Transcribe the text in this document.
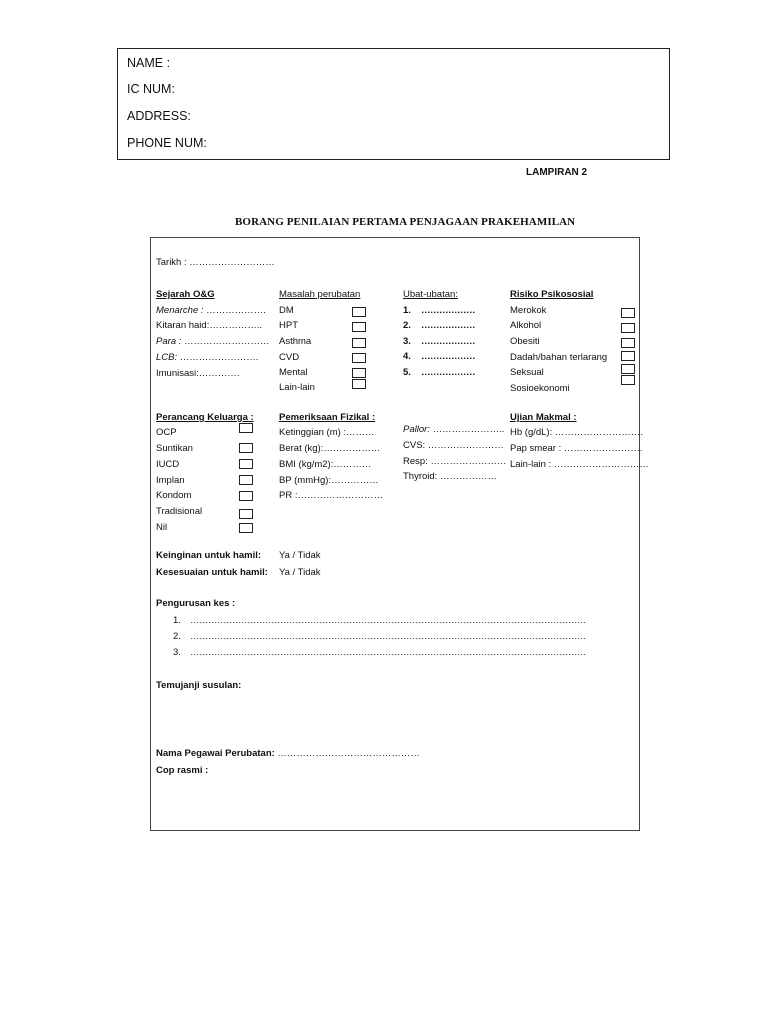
NAME :
IC NUM:
ADDRESS:
PHONE NUM:
LAMPIRAN 2
BORANG PENILAIAN PERTAMA PENJAGAAN PRAKEHAMILAN
Tarikh : ………………………
Sejarah O&G
Menarche : ……………….
Kitaran haid:……………..
Para : ………………………
LCB: …………………….
Imunisasi:………….
Masalah perubatan
DM
HPT
Asthma
CVD
Mental
Lain-lain
Ubat-ubatan:
1.
2.
3.
4.
5.
………………
………………
………………
………………
………………
Risiko Psikososial
Merokok
Alkohol
Obesiti
Dadah/bahan terlarang
Seksual
Sosioekonomi
Perancang Keluarga :
OCP
Suntikan
IUCD
Implan
Kondom
Tradisional
Nil
Pemeriksaan Fizikal :
Ketinggian (m) :………
Berat (kg):………………
BMI (kg/m2):…………
BP (mmHg):……………
PR :………………………
Pallor: …………………..
CVS: ……………………
Resp: ……………………
Thyroid: ………………
Ujian Makmal :
Hb (g/dL): ……………………….
Pap smear : …………………….
Lain-lain : …………………………
Keinginan untuk hamil: Ya / Tidak
Kesesuaian untuk hamil: Ya / Tidak
Pengurusan kes :
1.
2.
3.
……………………………………………………………………………………………………………………
……………………………………………………………………………………………………………………
……………………………………………………………………………………………………………………
Temujanji susulan:
Nama Pegawai Perubatan: ………………………………………
Cop rasmi :
